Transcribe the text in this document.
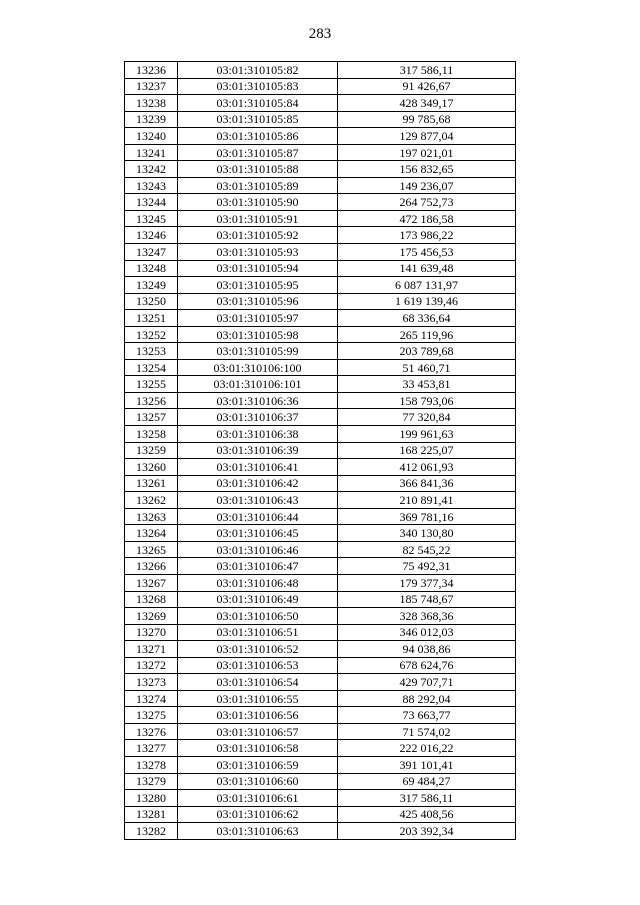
283
13236	03:01:310105:82	317 586,11
13237	03:01:310105:83	91 426,67
13238	03:01:310105:84	428 349,17
13239	03:01:310105:85	99 785,68
13240	03:01:310105:86	129 877,04
13241	03:01:310105:87	197 021,01
13242	03:01:310105:88	156 832,65
13243	03:01:310105:89	149 236,07
13244	03:01:310105:90	264 752,73
13245	03:01:310105:91	472 186,58
13246	03:01:310105:92	173 986,22
13247	03:01:310105:93	175 456,53
13248	03:01:310105:94	141 639,48
13249	03:01:310105:95	6 087 131,97
13250	03:01:310105:96	1 619 139,46
13251	03:01:310105:97	68 336,64
13252	03:01:310105:98	265 119,96
13253	03:01:310105:99	203 789,68
13254	03:01:310106:100	51 460,71
13255	03:01:310106:101	33 453,81
13256	03:01:310106:36	158 793,06
13257	03:01:310106:37	77 320,84
13258	03:01:310106:38	199 961,63
13259	03:01:310106:39	168 225,07
13260	03:01:310106:41	412 061,93
13261	03:01:310106:42	366 841,36
13262	03:01:310106:43	210 891,41
13263	03:01:310106:44	369 781,16
13264	03:01:310106:45	340 130,80
13265	03:01:310106:46	82 545,22
13266	03:01:310106:47	75 492,31
13267	03:01:310106:48	179 377,34
13268	03:01:310106:49	185 748,67
13269	03:01:310106:50	328 368,36
13270	03:01:310106:51	346 012,03
13271	03:01:310106:52	94 038,86
13272	03:01:310106:53	678 624,76
13273	03:01:310106:54	429 707,71
13274	03:01:310106:55	88 292,04
13275	03:01:310106:56	73 663,77
13276	03:01:310106:57	71 574,02
13277	03:01:310106:58	222 016,22
13278	03:01:310106:59	391 101,41
13279	03:01:310106:60	69 484,27
13280	03:01:310106:61	317 586,11
13281	03:01:310106:62	425 408,56
13282	03:01:310106:63	203 392,34
